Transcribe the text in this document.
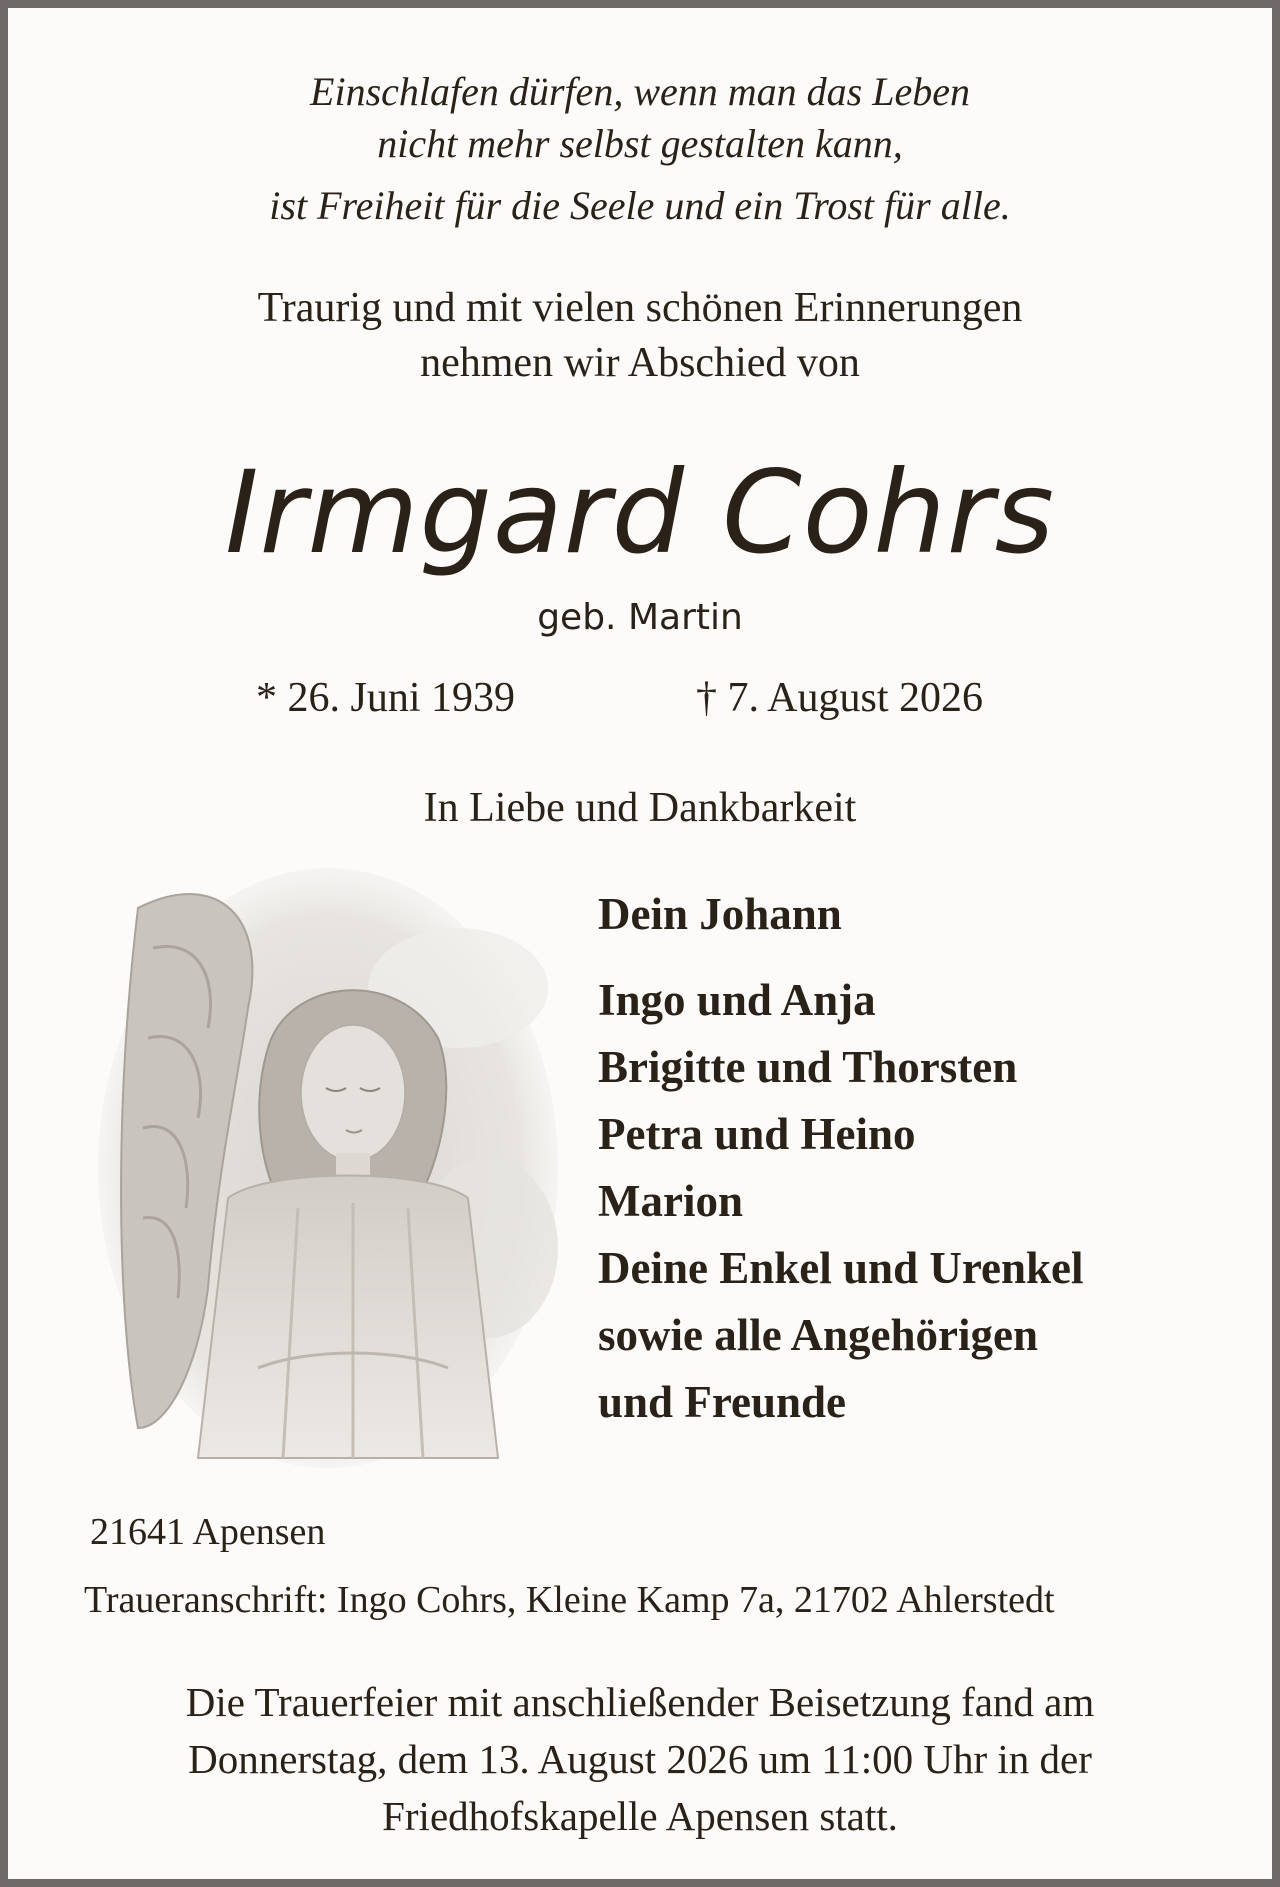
Einschlafen dürfen, wenn man das Leben
nicht mehr selbst gestalten kann,
ist Freiheit für die Seele und ein Trost für alle.
Traurig und mit vielen schönen Erinnerungen
nehmen wir Abschied von
Irmgard Cohrs
geb. Martin
* 26. Juni 1939	† 7. August 2026
In Liebe und Dankbarkeit
Dein Johann
Ingo und Anja
Brigitte und Thorsten
Petra und Heino
Marion
Deine Enkel und Urenkel
sowie alle Angehörigen
und Freunde
21641 Apensen
Traueranschrift: Ingo Cohrs, Kleine Kamp 7a, 21702 Ahlerstedt
Die Trauerfeier mit anschließender Beisetzung fand am
Donnerstag, dem 13. August 2026 um 11:00 Uhr in der
Friedhofskapelle Apensen statt.
